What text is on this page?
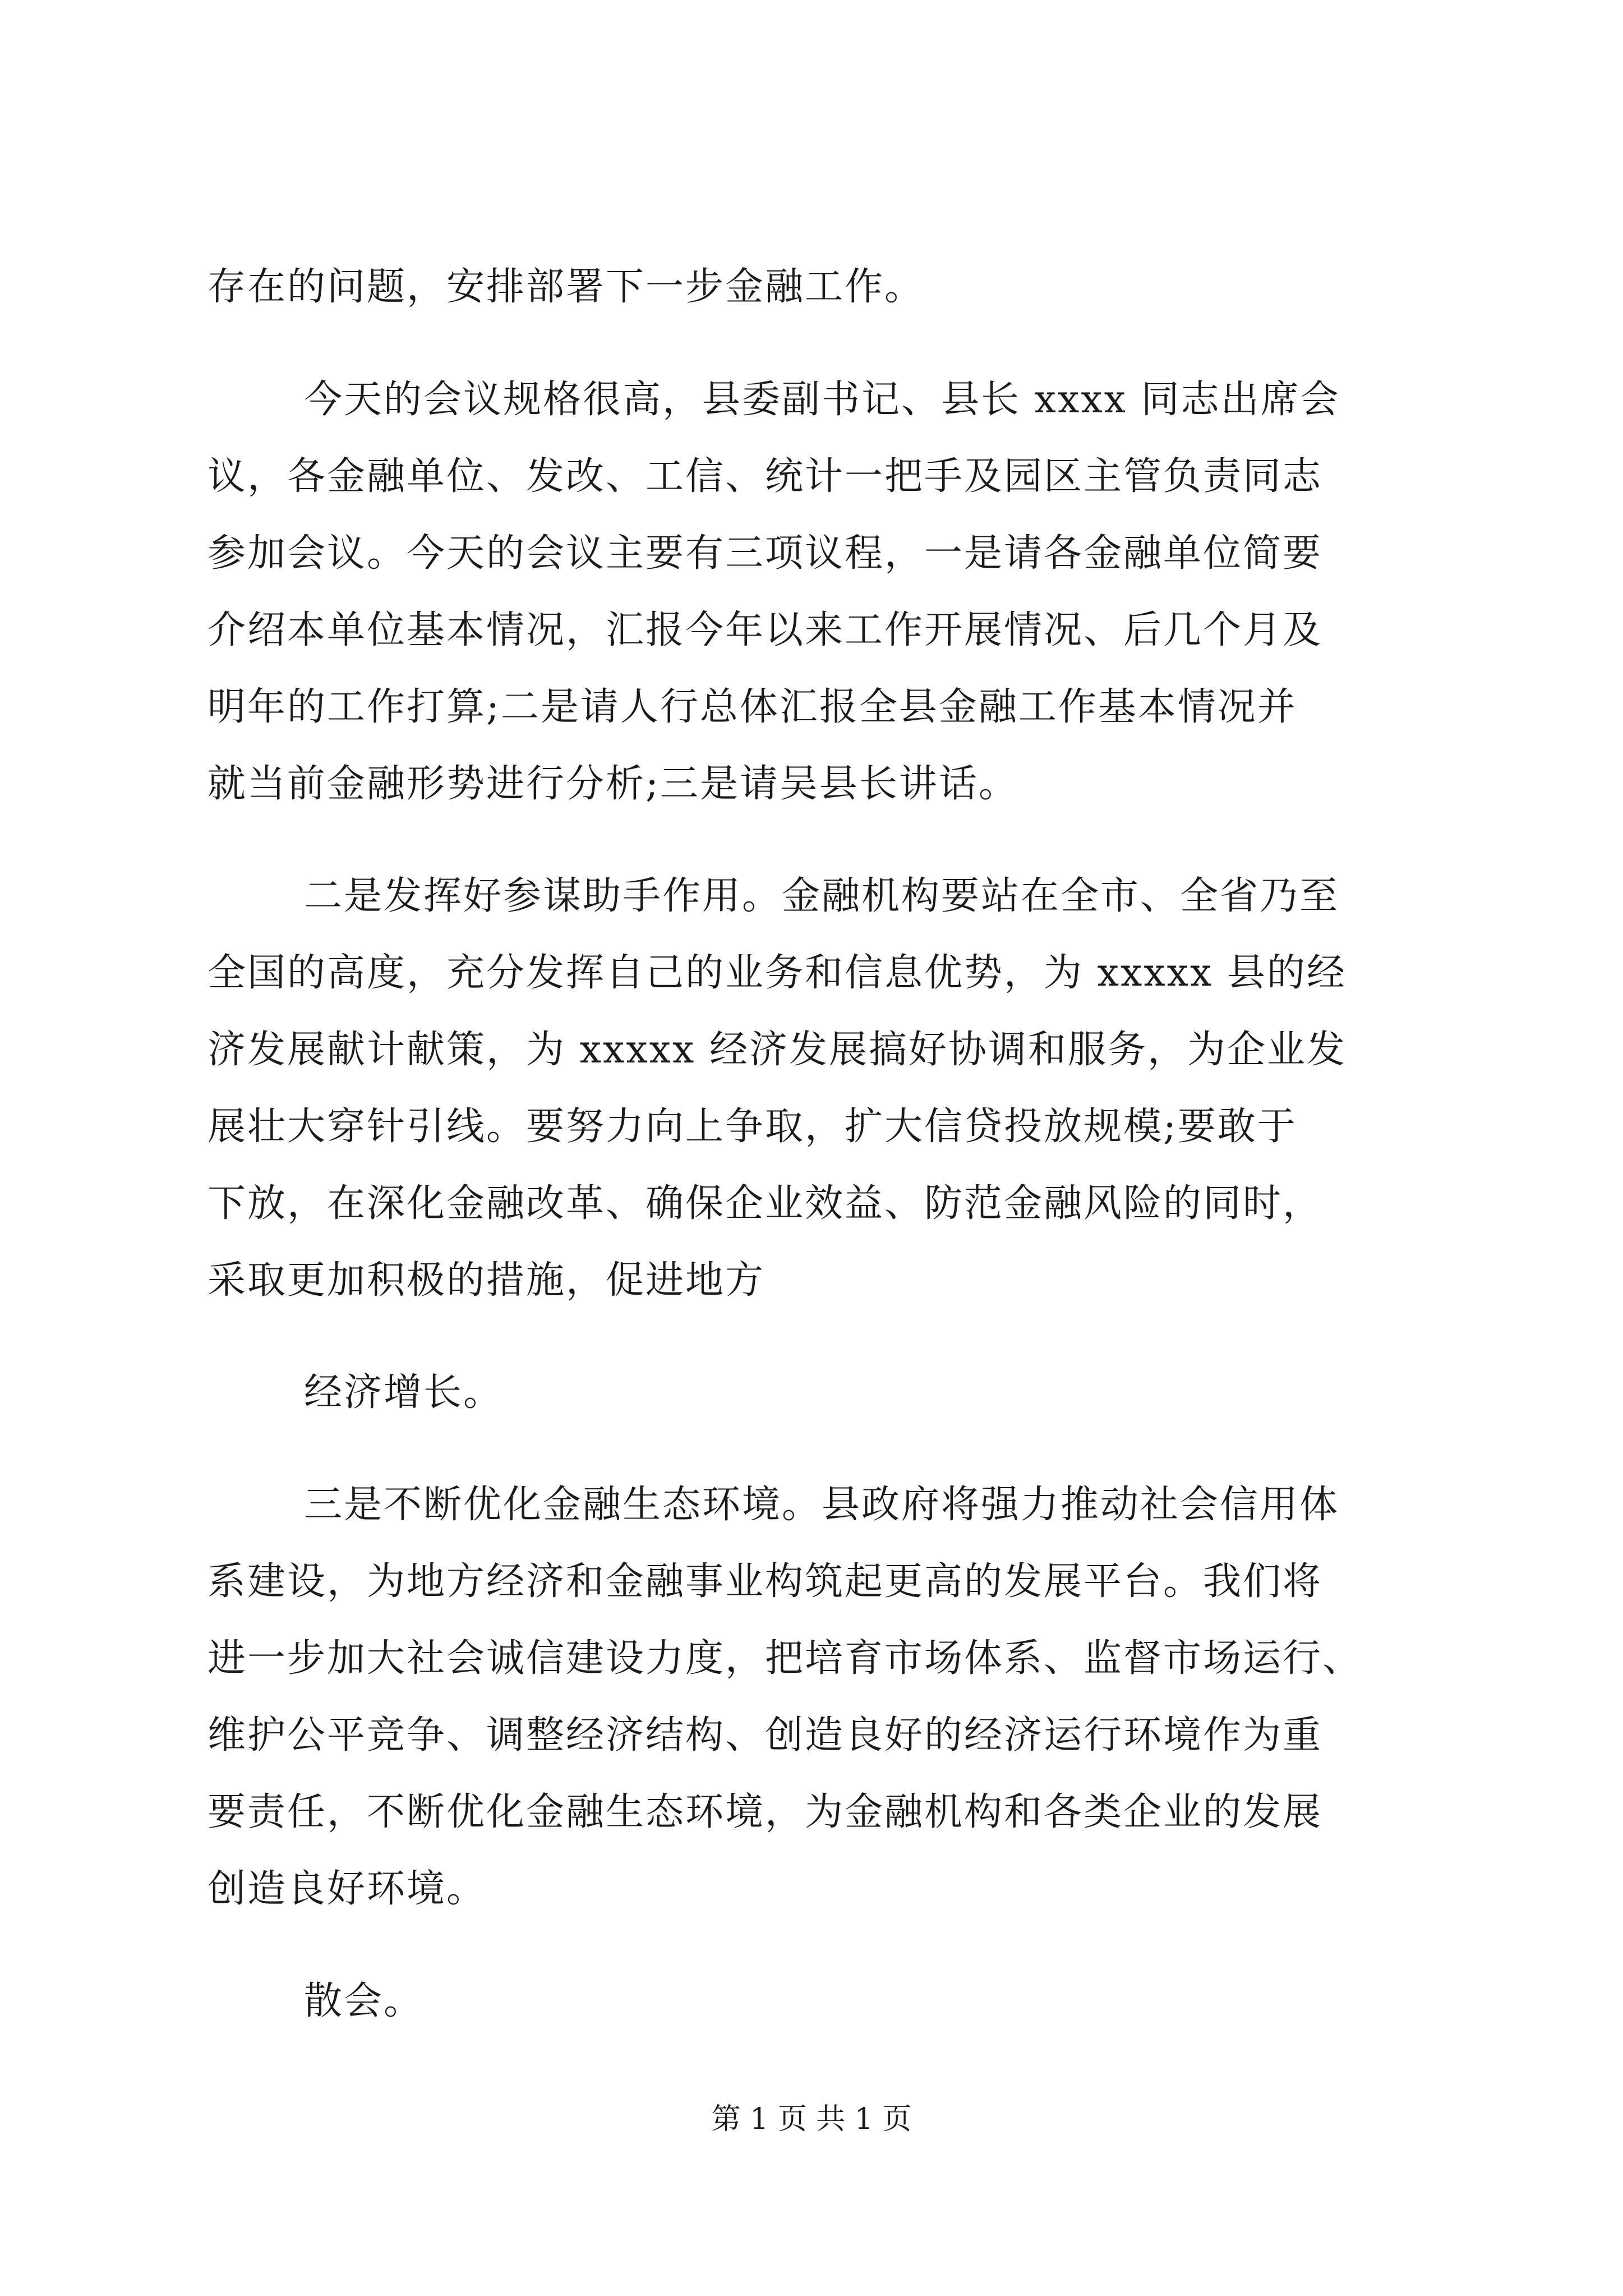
存在的问题，安排部署下一步金融工作。
今天的会议规格很高，县委副书记、县长 xxxx 同志出席会
议，各金融单位、发改、工信、统计一把手及园区主管负责同志
参加会议。今天的会议主要有三项议程，一是请各金融单位简要
介绍本单位基本情况，汇报今年以来工作开展情况、后几个月及
明年的工作打算;二是请人行总体汇报全县金融工作基本情况并
就当前金融形势进行分析;三是请吴县长讲话。
二是发挥好参谋助手作用。金融机构要站在全市、全省乃至
全国的高度，充分发挥自己的业务和信息优势，为 xxxxx 县的经
济发展献计献策，为 xxxxx 经济发展搞好协调和服务，为企业发
展壮大穿针引线。要努力向上争取，扩大信贷投放规模;要敢于
下放，在深化金融改革、确保企业效益、防范金融风险的同时，
采取更加积极的措施，促进地方
经济增长。
三是不断优化金融生态环境。县政府将强力推动社会信用体
系建设，为地方经济和金融事业构筑起更高的发展平台。我们将
进一步加大社会诚信建设力度，把培育市场体系、监督市场运行、
维护公平竞争、调整经济结构、创造良好的经济运行环境作为重
要责任，不断优化金融生态环境，为金融机构和各类企业的发展
创造良好环境。
散会。
第 1 页 共 1 页
